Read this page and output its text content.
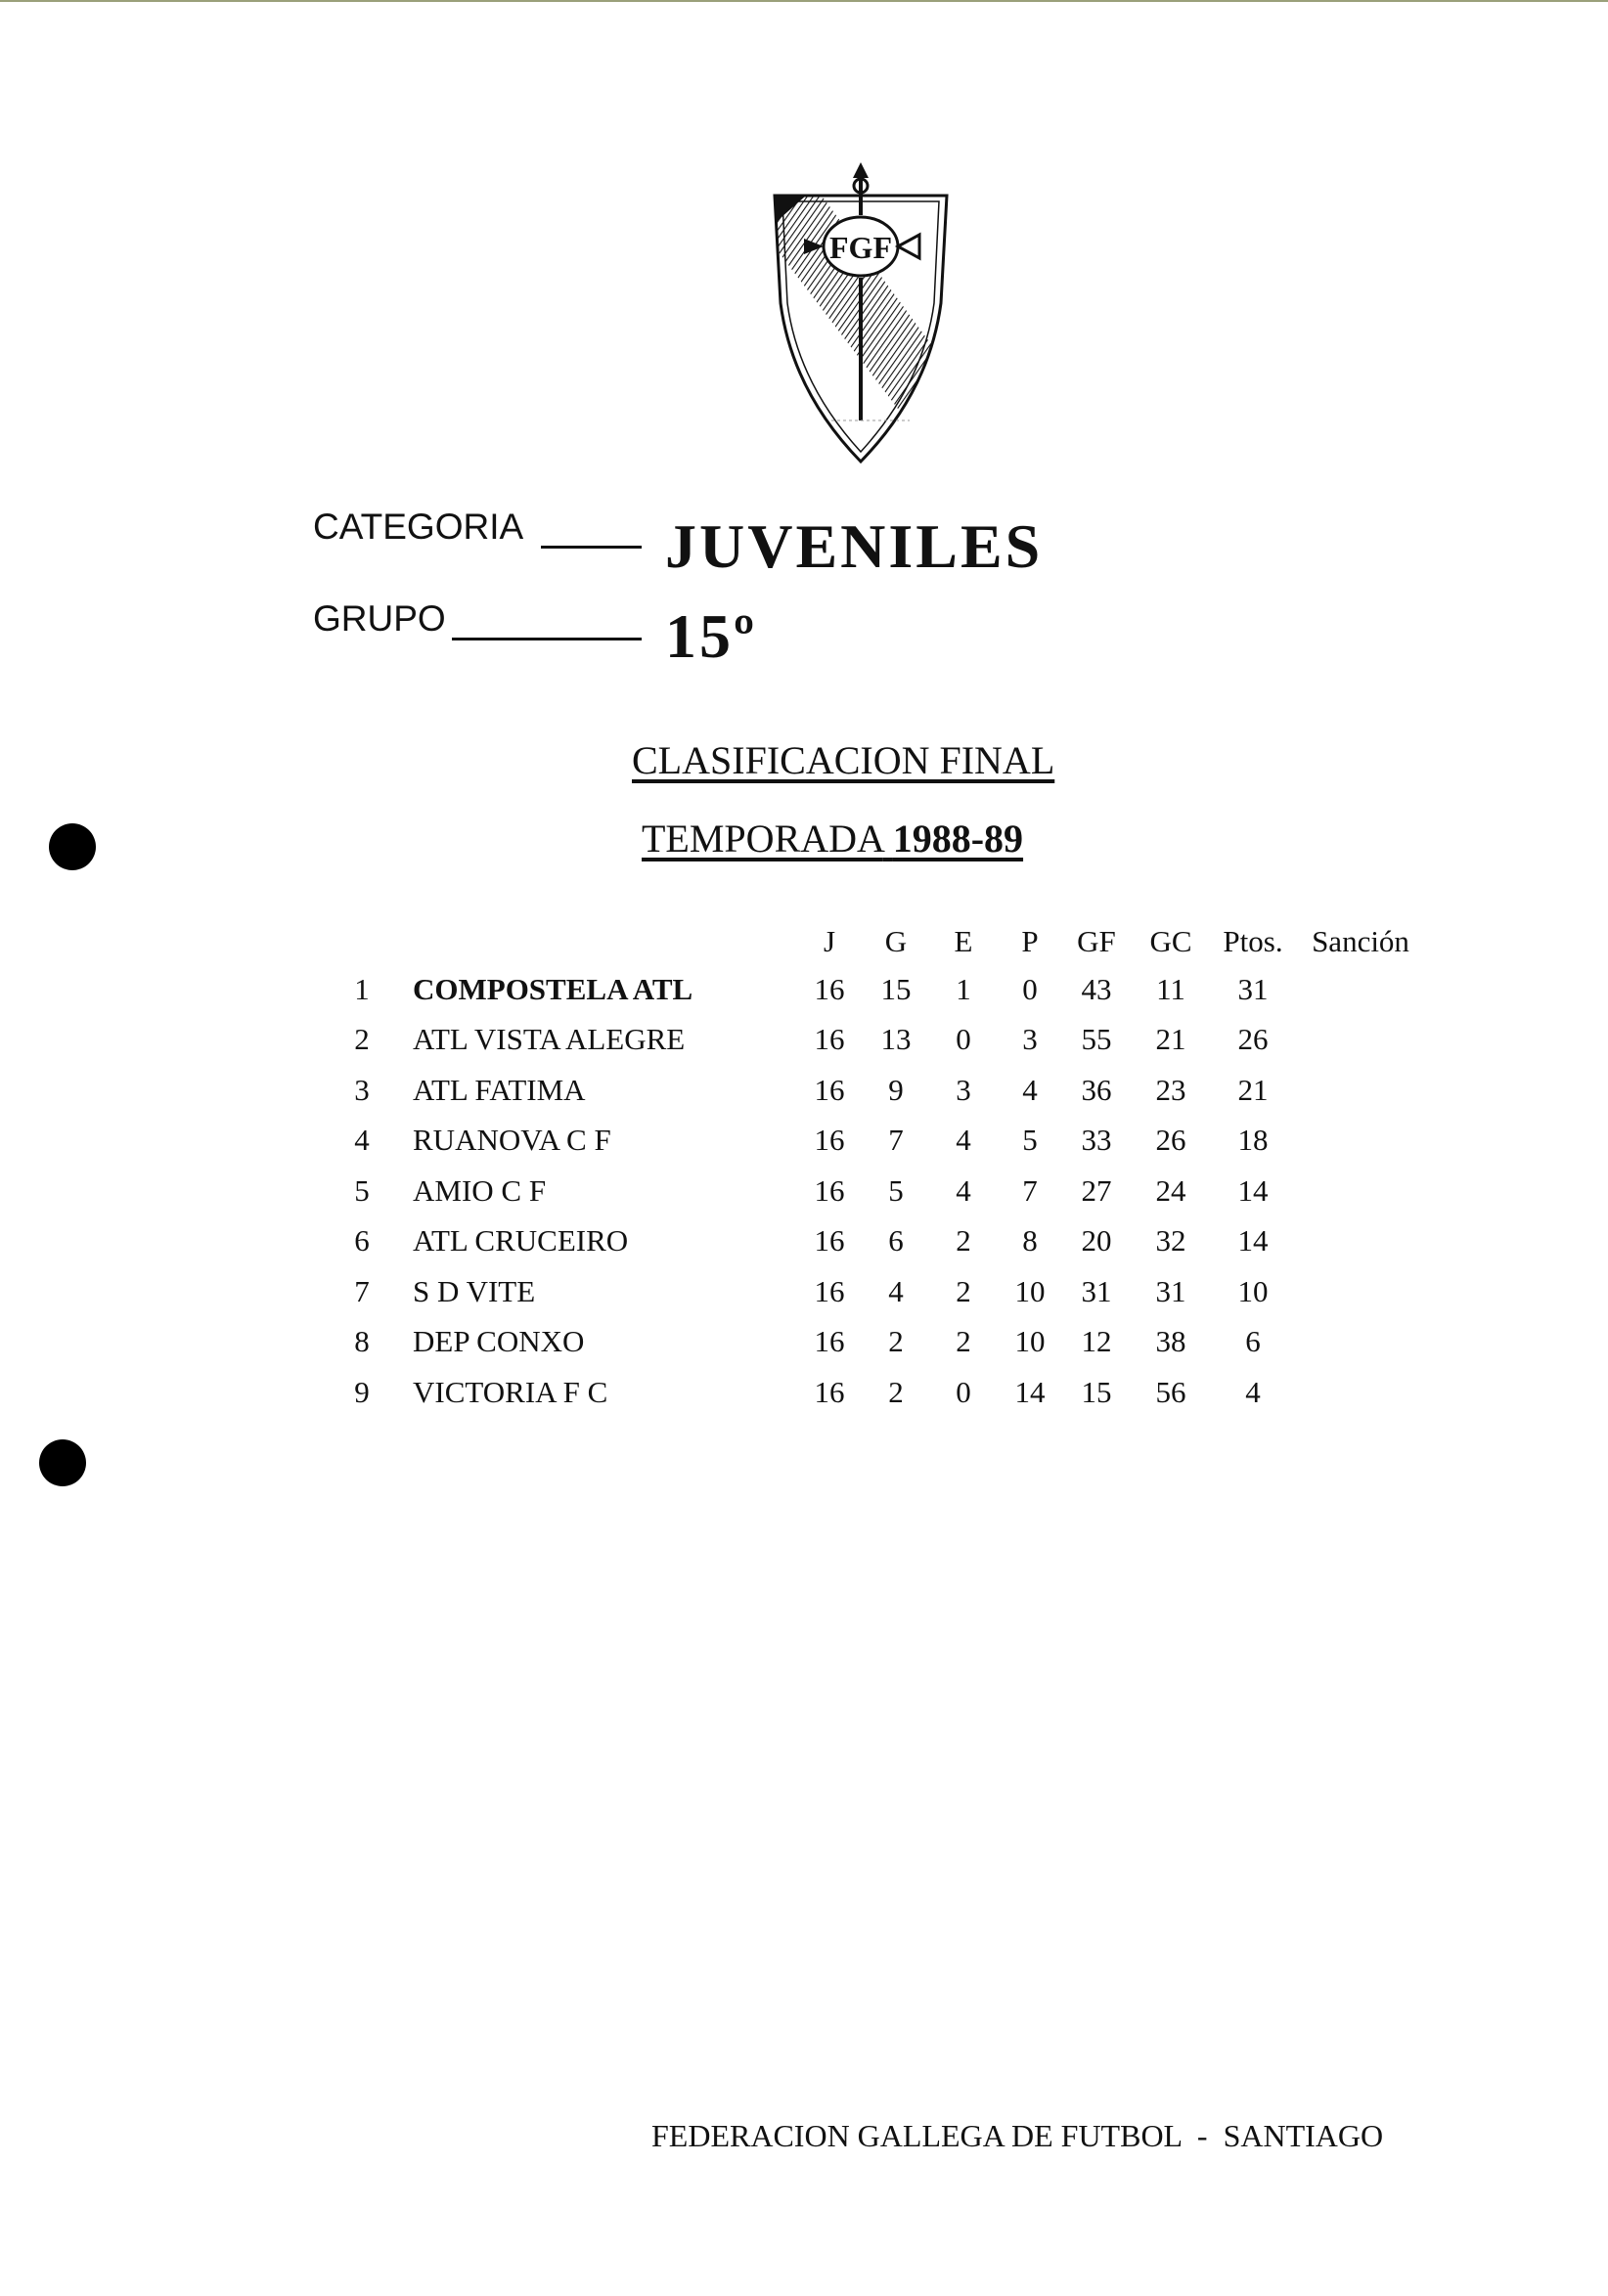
FGF
CATEGORIA JUVENILES
GRUPO	15º
CLASIFICACION FINAL
TEMPORADA 1988-89
		J	G	E	P	GF	GC	Ptos.	Sanción
1	COMPOSTELA ATL	16	15	1	0	43	11	31	
2	ATL VISTA ALEGRE	16	13	0	3	55	21	26	
3	ATL FATIMA	16	9	3	4	36	23	21	
4	RUANOVA C F	16	7	4	5	33	26	18	
5	AMIO C F	16	5	4	7	27	24	14	
6	ATL CRUCEIRO	16	6	2	8	20	32	14	
7	S D VITE	16	4	2	10	31	31	10	
8	DEP CONXO	16	2	2	10	12	38	6	
9	VICTORIA F C	16	2	0	14	15	56	4	
FEDERACION GALLEGA DE FUTBOL  -  SANTIAGO
